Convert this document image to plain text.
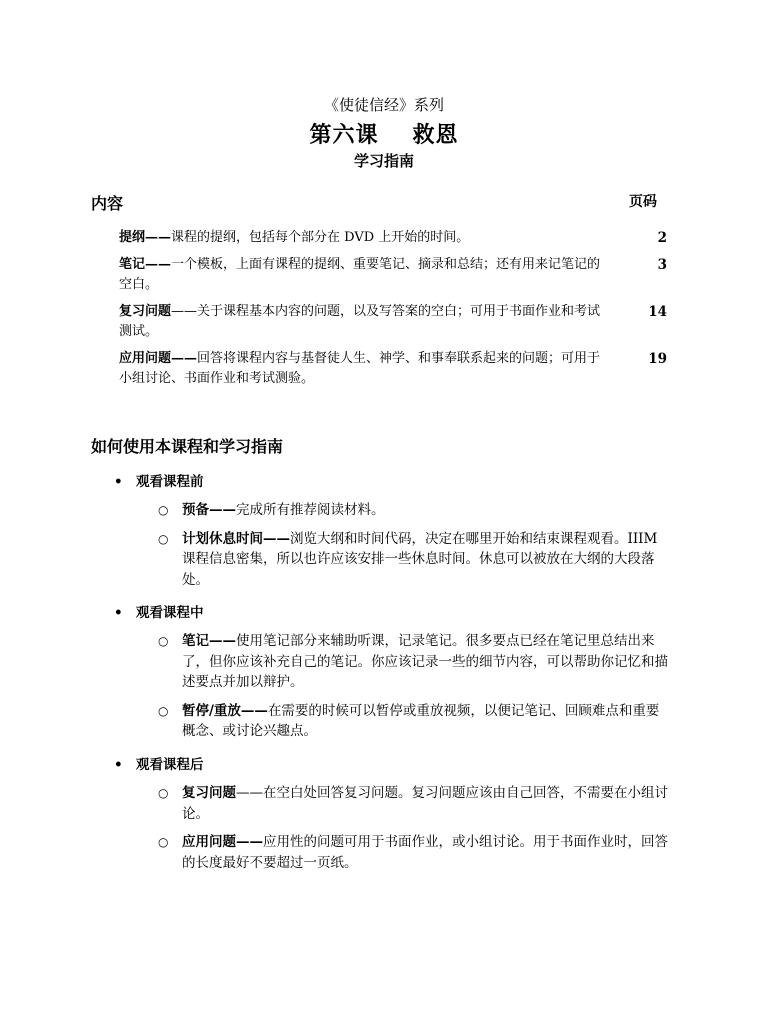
《使徒信经》系列
第六课 救恩
学习指南
内容	页码
提纲——课程的提纲，包括每个部分在 DVD 上开始的时间。	2
笔记——一个模板，上面有课程的提纲、重要笔记、摘录和总结；还有用来记笔记的空白。
3
复习问题——关于课程基本内容的问题，以及写答案的空白；可用于书面作业和考试测试。
14
应用问题——回答将课程内容与基督徒人生、神学、和事奉联系起来的问题；可用于小组讨论、书面作业和考试测验。
19
如何使用本课程和学习指南
• 观看课程前
○ 预备——完成所有推荐阅读材料。
○ 计划休息时间——浏览大纲和时间代码，决定在哪里开始和结束课程观看。IIIM 课程信息密集，所以也许应该安排一些休息时间。休息可以被放在大纲的大段落处。
• 观看课程中
○ 笔记——使用笔记部分来辅助听课，记录笔记。很多要点已经在笔记里总结出来了，但你应该补充自己的笔记。你应该记录一些的细节内容，可以帮助你记忆和描述要点并加以辩护。
○ 暂停/重放——在需要的时候可以暂停或重放视频，以便记笔记、回顾难点和重要概念、或讨论兴趣点。
• 观看课程后
○ 复习问题——在空白处回答复习问题。复习问题应该由自己回答，不需要在小组讨论。
○ 应用问题——应用性的问题可用于书面作业，或小组讨论。用于书面作业时，回答的长度最好不要超过一页纸。
